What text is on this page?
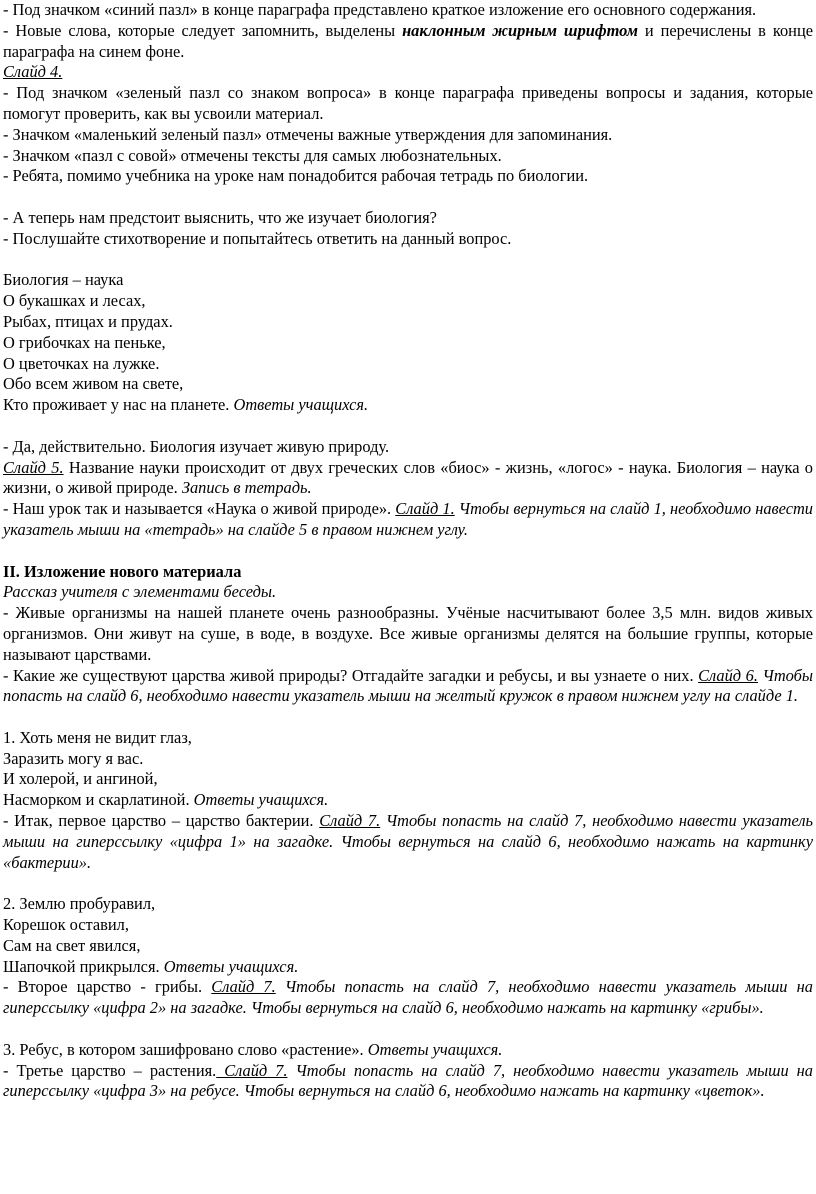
- Под значком «синий пазл» в конце параграфа представлено краткое изложение его основного содержания.

- Новые слова, которые следует запомнить, выделены наклонным жирным шрифтом и перечислены в конце параграфа на синем фоне.

Слайд 4.

- Под значком «зеленый пазл со знаком вопроса» в конце параграфа приведены вопросы и задания, которые помогут проверить, как вы усвоили материал.

- Значком «маленький зеленый пазл» отмечены важные утверждения для запоминания.

- Значком «пазл с совой» отмечены тексты для самых любознательных.

- Ребята, помимо учебника на уроке нам понадобится рабочая тетрадь по биологии.

- А теперь нам предстоит выяснить, что же изучает биология?

- Послушайте стихотворение и попытайтесь ответить на данный вопрос.

Биология – наука

О букашках и лесах,

Рыбах, птицах и прудах.

О грибочках на пеньке,

О цветочках на лужке.

Обо всем живом на свете,

Кто проживает у нас на планете. Ответы учащихся.

- Да, действительно. Биология изучает живую природу.

Слайд 5. Название науки происходит от двух греческих слов «биос» - жизнь, «логос» - наука. Биология – наука о жизни, о живой природе. Запись в тетрадь.

- Наш урок так и называется «Наука о живой природе». Слайд 1. Чтобы вернуться на слайд 1, необходимо навести указатель мыши на «тетрадь» на слайде 5 в правом нижнем углу.

II. Изложение нового материала

Рассказ учителя с элементами беседы.

- Живые организмы на нашей планете очень разнообразны. Учёные насчитывают более 3,5 млн. видов живых организмов. Они живут на суше, в воде, в воздухе. Все живые организмы делятся на большие группы, которые называют царствами.

- Какие же существуют царства живой природы? Отгадайте загадки и ребусы, и вы узнаете о них. Слайд 6. Чтобы попасть на слайд 6, необходимо навести указатель мыши на желтый кружок в правом нижнем углу на слайде 1.

1. Хоть меня не видит глаз,

Заразить могу я вас.

И холерой, и ангиной,

Насморком и скарлатиной. Ответы учащихся.

- Итак, первое царство – царство бактерии. Слайд 7. Чтобы попасть на слайд 7, необходимо навести указатель мыши на гиперссылку «цифра 1» на загадке. Чтобы вернуться на слайд 6, необходимо нажать на картинку «бактерии».

2. Землю пробуравил,

Корешок оставил,

Сам на свет явился,

Шапочкой прикрылся. Ответы учащихся.

- Второе царство - грибы. Слайд 7. Чтобы попасть на слайд 7, необходимо навести указатель мыши на гиперссылку «цифра 2» на загадке. Чтобы вернуться на слайд 6, необходимо нажать на картинку «грибы».

3. Ребус, в котором зашифровано слово «растение». Ответы учащихся.

- Третье царство – растения. Слайд 7. Чтобы попасть на слайд 7, необходимо навести указатель мыши на гиперссылку «цифра 3» на ребусе. Чтобы вернуться на слайд 6, необходимо нажать на картинку «цветок».
